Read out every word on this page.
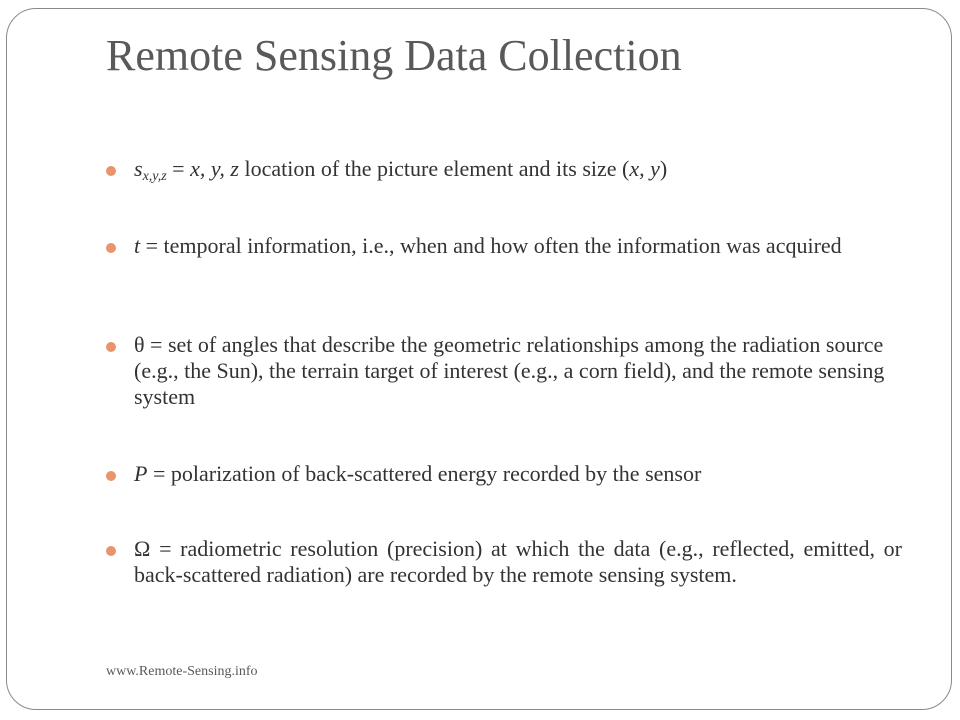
Remote Sensing Data Collection
$s_{x,y,z} = x$, y, z location of the picture element and its size (x, y)
t = temporal information, i.e., when and how often the information was acquired
θ = set of angles that describe the geometric relationships among the radiation source (e.g., the Sun), the terrain target of interest (e.g., a corn field), and the remote sensing system
P = polarization of back-scattered energy recorded by the sensor
Ω = radiometric resolution (precision) at which the data (e.g., reflected, emitted, or back-scattered radiation) are recorded by the remote sensing system.
www.Remote-Sensing.info
